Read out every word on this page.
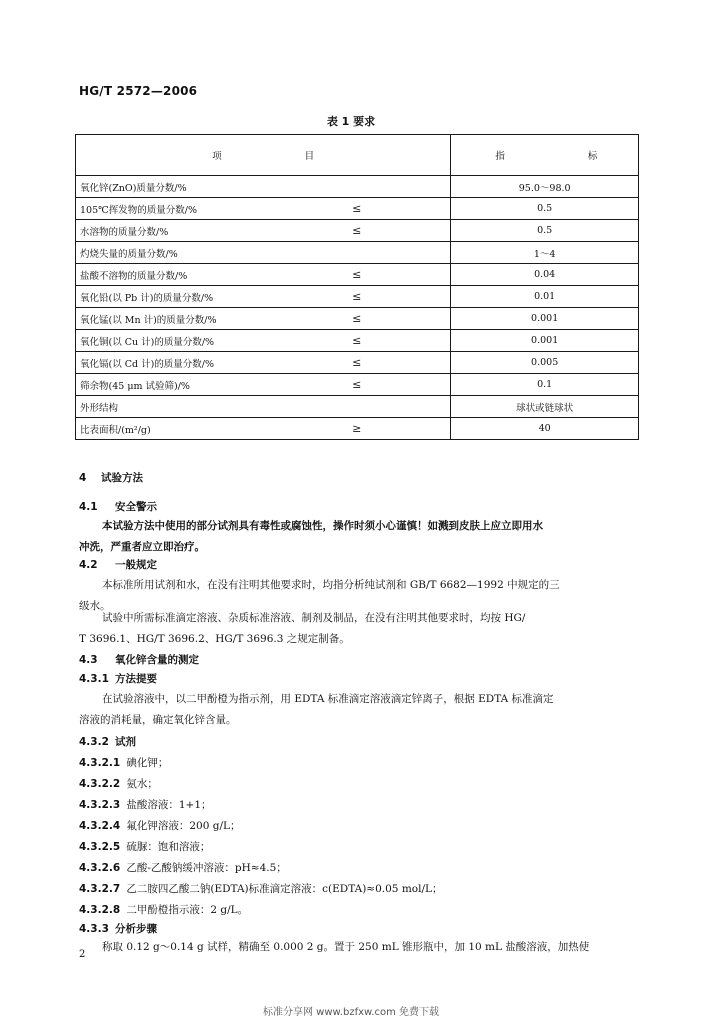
HG/T 2572—2006
表 1 要求
项 目		指 标
氧化锌(ZnO)质量分数/%		95.0～98.0
105℃挥发物的质量分数/%	≤	0.5
水溶物的质量分数/%	≤	0.5
灼烧失量的质量分数/%		1～4
盐酸不溶物的质量分数/%	≤	0.04
氧化铅(以 Pb 计)的质量分数/%	≤	0.01
氧化锰(以 Mn 计)的质量分数/%	≤	0.001
氧化铜(以 Cu 计)的质量分数/%	≤	0.001
氧化镉(以 Cd 计)的质量分数/%	≤	0.005
筛余物(45 μm 试验筛)/%	≤	0.1
外形结构		球状或链球状
比表面积/(m²/g)	≥	40
4 试验方法
4.1 安全警示
本试验方法中使用的部分试剂具有毒性或腐蚀性，操作时须小心谨慎！如溅到皮肤上应立即用水
冲洗，严重者应立即治疗。
4.2 一般规定
本标准所用试剂和水，在没有注明其他要求时，均指分析纯试剂和 GB/T 6682—1992 中规定的三
级水。
试验中所需标准滴定溶液、杂质标准溶液、制剂及制品，在没有注明其他要求时，均按 HG/
T 3696.1、HG/T 3696.2、HG/T 3696.3 之规定制备。
4.3 氧化锌含量的测定
4.3.1 方法提要
在试验溶液中，以二甲酚橙为指示剂，用 EDTA 标准滴定溶液滴定锌离子，根据 EDTA 标准滴定
溶液的消耗量，确定氧化锌含量。
4.3.2 试剂
4.3.2.1 碘化钾；
4.3.2.2 氨水；
4.3.2.3 盐酸溶液：1+1；
4.3.2.4 氟化钾溶液：200 g/L；
4.3.2.5 硫脲：饱和溶液；
4.3.2.6 乙酸-乙酸钠缓冲溶液：pH≈4.5；
4.3.2.7 乙二胺四乙酸二钠(EDTA)标准滴定溶液：c(EDTA)≈0.05 mol/L；
4.3.2.8 二甲酚橙指示液：2 g/L。
4.3.3 分析步骤
称取 0.12 g～0.14 g 试样，精确至 0.000 2 g。置于 250 mL 锥形瓶中，加 10 mL 盐酸溶液，加热使
2
标准分享网 www.bzfxw.com 免费下载
